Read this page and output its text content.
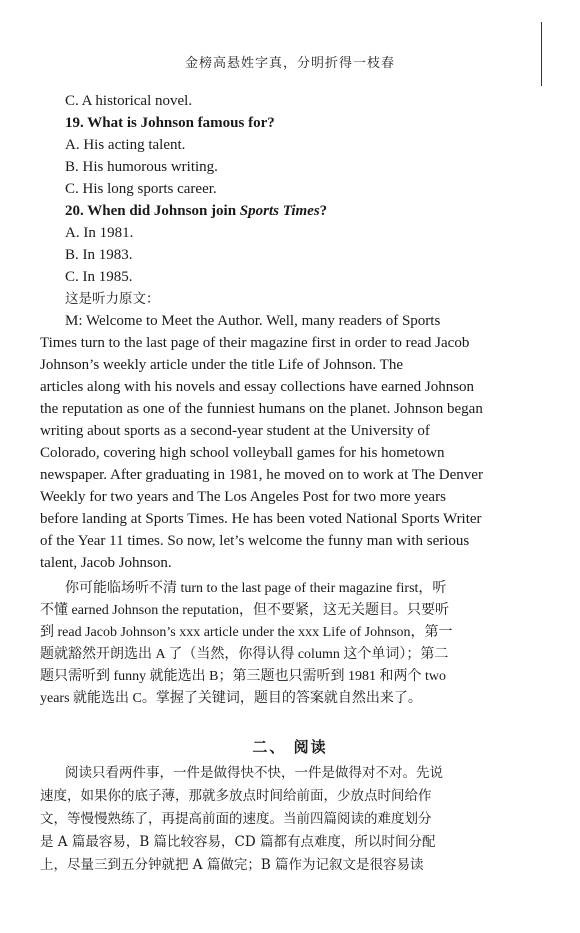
金榜高悬姓字真，分明折得一枝春
C. A historical novel.
19. What is Johnson famous for?
A. His acting talent.
B. His humorous writing.
C. His long sports career.
20. When did Johnson join Sports Times?
A. In 1981.
B. In 1983.
C. In 1985.
这是听力原文：
M: Welcome to Meet the Author. Well, many readers of Sports
Times turn to the last page of their magazine first in order to read Jacob
Johnson’s weekly article under the title Life of Johnson. The
articles along with his novels and essay collections have earned Johnson
the reputation as one of the funniest humans on the planet. Johnson began
writing about sports as a second-year student at the University of
Colorado, covering high school volleyball games for his hometown
newspaper. After graduating in 1981, he moved on to work at The Denver
Weekly for two years and The Los Angeles Post for two more years
before landing at Sports Times. He has been voted National Sports Writer
of the Year 11 times. So now, let’s welcome the funny man with serious
talent, Jacob Johnson.
你可能临场听不清 turn to the last page of their magazine first，听
不懂 earned Johnson the reputation，但不要紧，这无关题目。只要听
到 read Jacob Johnson’s xxx article under the xxx Life of Johnson，第一
题就豁然开朗选出 A 了（当然，你得认得 column 这个单词）；第二
题只需听到 funny 就能选出 B；第三题也只需听到 1981 和两个 two
years 就能选出 C。掌握了关键词，题目的答案就自然出来了。
二、 阅读
阅读只看两件事，一件是做得快不快，一件是做得对不对。先说
速度，如果你的底子薄，那就多放点时间给前面，少放点时间给作
文，等慢慢熟练了，再提高前面的速度。当前四篇阅读的难度划分
是 A 篇最容易，B 篇比较容易，CD 篇都有点难度，所以时间分配
上，尽量三到五分钟就把 A 篇做完；B 篇作为记叙文是很容易读
